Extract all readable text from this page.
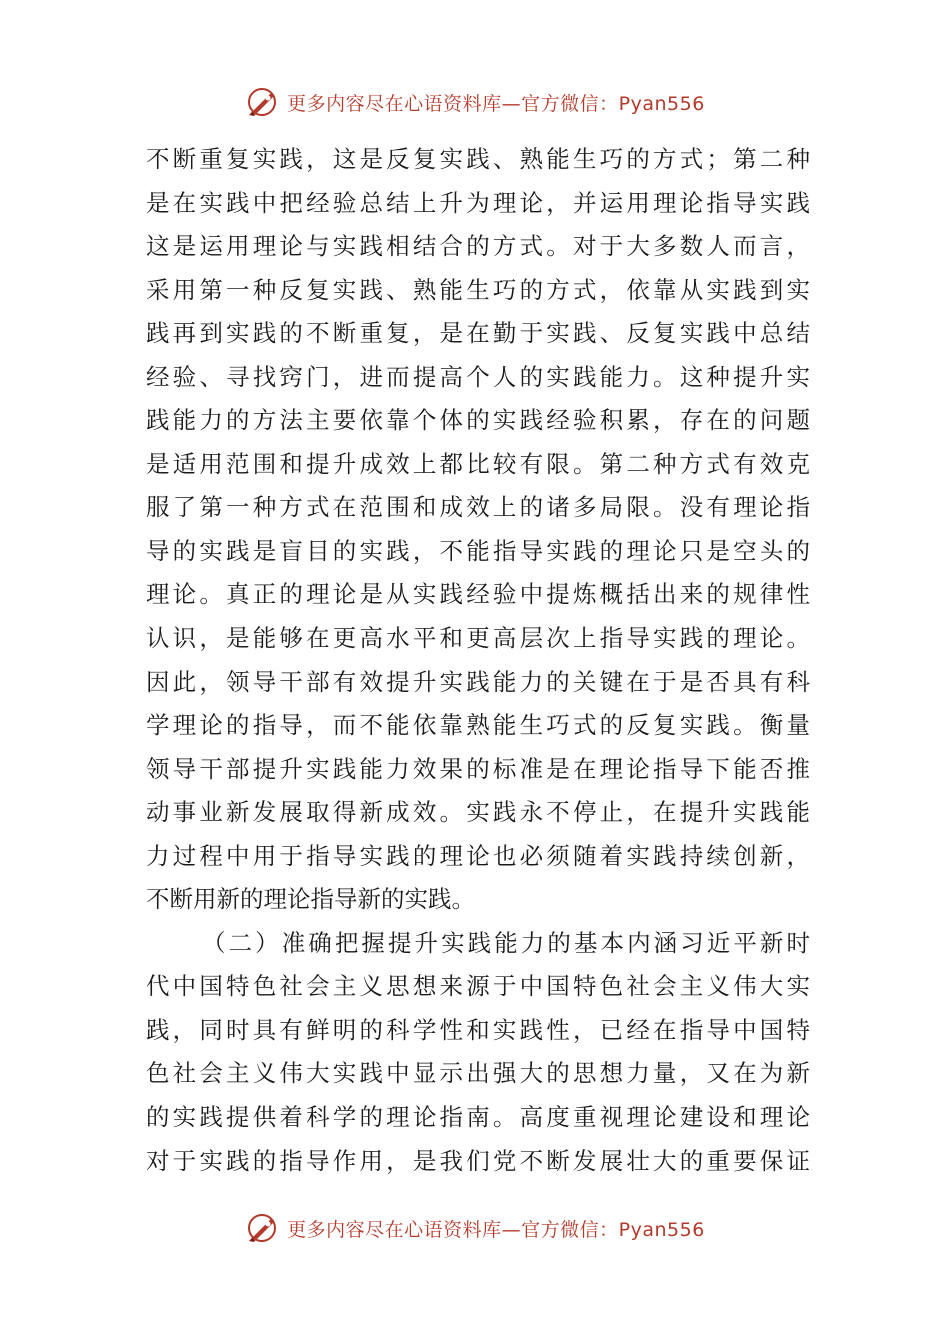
更多内容尽在心语资料库—官方微信：Pyan556
不断重复实践，这是反复实践、熟能生巧的方式；第二种
是在实践中把经验总结上升为理论，并运用理论指导实践
这是运用理论与实践相结合的方式。对于大多数人而言，
采用第一种反复实践、熟能生巧的方式，依靠从实践到实
践再到实践的不断重复，是在勤于实践、反复实践中总结
经验、寻找窍门，进而提高个人的实践能力。这种提升实
践能力的方法主要依靠个体的实践经验积累，存在的问题
是适用范围和提升成效上都比较有限。第二种方式有效克
服了第一种方式在范围和成效上的诸多局限。没有理论指
导的实践是盲目的实践，不能指导实践的理论只是空头的
理论。真正的理论是从实践经验中提炼概括出来的规律性
认识，是能够在更高水平和更高层次上指导实践的理论。
因此，领导干部有效提升实践能力的关键在于是否具有科
学理论的指导，而不能依靠熟能生巧式的反复实践。衡量
领导干部提升实践能力效果的标准是在理论指导下能否推
动事业新发展取得新成效。实践永不停止，在提升实践能
力过程中用于指导实践的理论也必须随着实践持续创新，
不断用新的理论指导新的实践。
（二）准确把握提升实践能力的基本内涵习近平新时
代中国特色社会主义思想来源于中国特色社会主义伟大实
践，同时具有鲜明的科学性和实践性，已经在指导中国特
色社会主义伟大实践中显示出强大的思想力量，又在为新
的实践提供着科学的理论指南。高度重视理论建设和理论
对于实践的指导作用，是我们党不断发展壮大的重要保证
更多内容尽在心语资料库—官方微信：Pyan556
